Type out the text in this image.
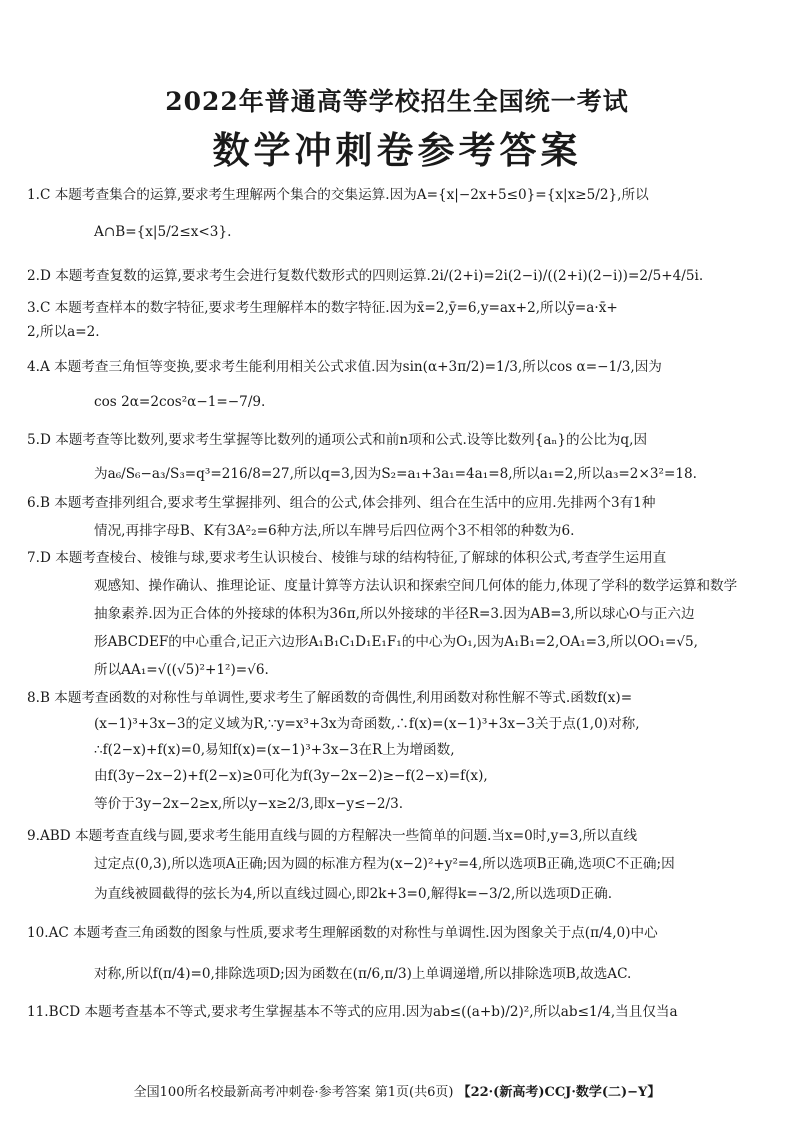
2022年普通高等学校招生全国统一考试
数学冲刺卷参考答案
1.C 本题考查集合的运算,要求考生理解两个集合的交集运算.因为A={x|−2x+5≤0}={x|x≥5/2},所以
A∩B={x|5/2≤x<3}.
2.D 本题考查复数的运算,要求考生会进行复数代数形式的四则运算.2i/(2+i)=2i(2−i)/((2+i)(2−i))=2/5+4/5i.
3.C 本题考查样本的数字特征,要求考生理解样本的数字特征.因为x̄=2,ȳ=6,y=ax+2,所以ȳ=a·x̄+
2,所以a=2.
4.A 本题考查三角恒等变换,要求考生能利用相关公式求值.因为sin(α+3π/2)=1/3,所以cos α=−1/3,因为
cos 2α=2cos²α−1=−7/9.
5.D 本题考查等比数列,要求考生掌握等比数列的通项公式和前n项和公式.设等比数列{aₙ}的公比为q,因
为a₆/S₆−a₃/S₃=q³=216/8=27,所以q=3,因为S₂=a₁+3a₁=4a₁=8,所以a₁=2,所以a₃=2×3²=18.
6.B 本题考查排列组合,要求考生掌握排列、组合的公式,体会排列、组合在生活中的应用.先排两个3有1种
情况,再排字母B、K有3A²₂=6种方法,所以车牌号后四位两个3不相邻的种数为6.
7.D 本题考查棱台、棱锥与球,要求考生认识棱台、棱锥与球的结构特征,了解球的体积公式,考查学生运用直
观感知、操作确认、推理论证、度量计算等方法认识和探索空间几何体的能力,体现了学科的数学运算和数学
抽象素养.因为正合体的外接球的体积为36π,所以外接球的半径R=3.因为AB=3,所以球心O与正六边
形ABCDEF的中心重合,记正六边形A₁B₁C₁D₁E₁F₁的中心为O₁,因为A₁B₁=2,OA₁=3,所以OO₁=√5,
所以AA₁=√((√5)²+1²)=√6.
8.B 本题考查函数的对称性与单调性,要求考生了解函数的奇偶性,利用函数对称性解不等式.函数f(x)=
(x−1)³+3x−3的定义域为R,∵y=x³+3x为奇函数,∴f(x)=(x−1)³+3x−3关于点(1,0)对称,
∴f(2−x)+f(x)=0,易知f(x)=(x−1)³+3x−3在R上为增函数,
由f(3y−2x−2)+f(2−x)≥0可化为f(3y−2x−2)≥−f(2−x)=f(x),
等价于3y−2x−2≥x,所以y−x≥2/3,即x−y≤−2/3.
9.ABD 本题考查直线与圆,要求考生能用直线与圆的方程解决一些简单的问题.当x=0时,y=3,所以直线
过定点(0,3),所以选项A正确;因为圆的标准方程为(x−2)²+y²=4,所以选项B正确,选项C不正确;因
为直线被圆截得的弦长为4,所以直线过圆心,即2k+3=0,解得k=−3/2,所以选项D正确.
10.AC 本题考查三角函数的图象与性质,要求考生理解函数的对称性与单调性.因为图象关于点(π/4,0)中心
对称,所以f(π/4)=0,排除选项D;因为函数在(π/6,π/3)上单调递增,所以排除选项B,故选AC.
11.BCD 本题考查基本不等式,要求考生掌握基本不等式的应用.因为ab≤((a+b)/2)²,所以ab≤1/4,当且仅当a
全国100所名校最新高考冲刺卷·参考答案 第1页(共6页) 【22·(新高考)CCJ·数学(二)−Y】
